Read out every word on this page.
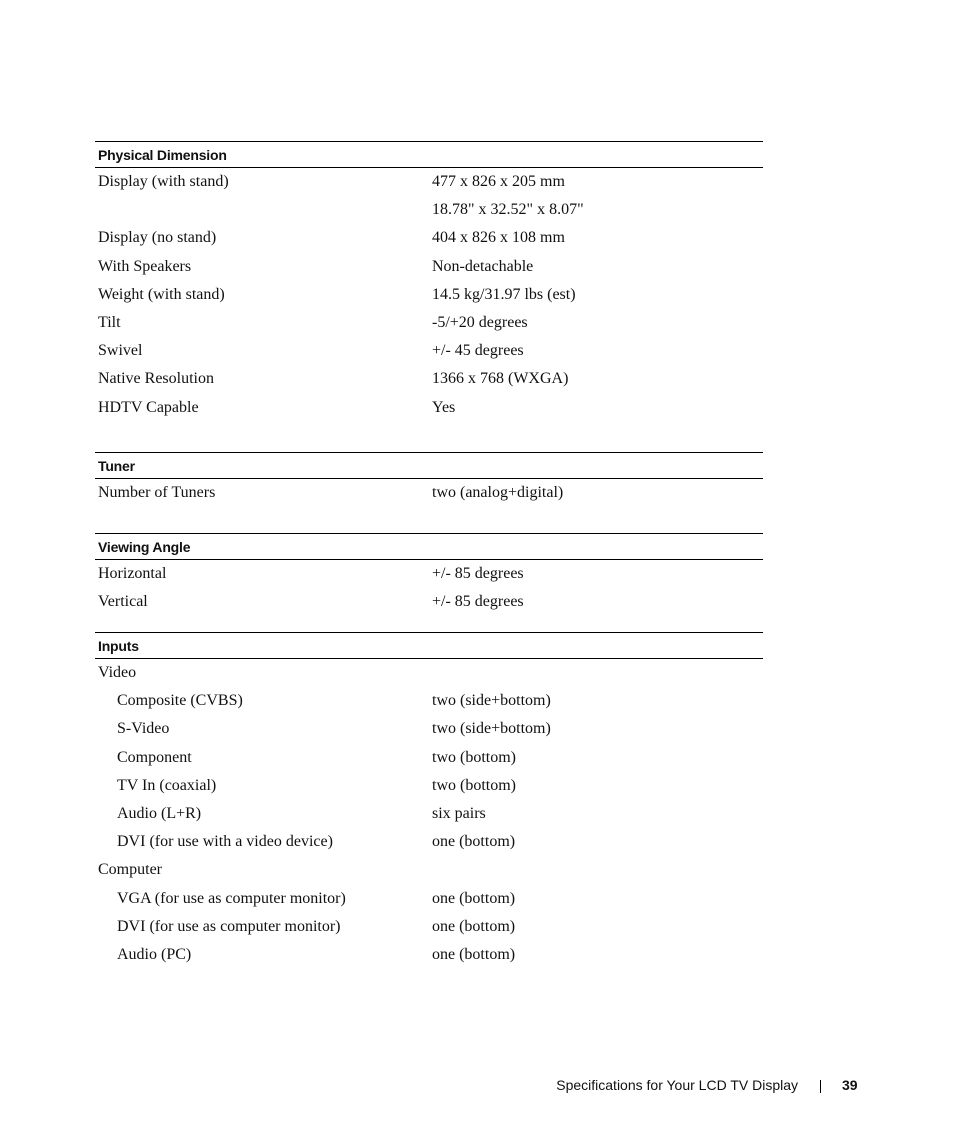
Physical Dimension
Display (with stand)	477 x 826 x 205 mm
18.78" x 32.52" x 8.07"
Display (no stand)	404 x 826 x 108 mm
With Speakers	Non-detachable
Weight (with stand)	14.5 kg/31.97 lbs (est)
Tilt	-5/+20 degrees
Swivel	+/- 45 degrees
Native Resolution	1366 x 768 (WXGA)
HDTV Capable	Yes
Tuner
Number of Tuners	two (analog+digital)
Viewing Angle
Horizontal	+/- 85 degrees
Vertical	+/- 85 degrees
Inputs
Video
Composite (CVBS)	two (side+bottom)
S-Video	two (side+bottom)
Component	two (bottom)
TV In (coaxial)	two (bottom)
Audio (L+R)	six pairs
DVI (for use with a video device)	one (bottom)
Computer
VGA (for use as computer monitor)	one (bottom)
DVI (for use as computer monitor)	one (bottom)
Audio (PC)	one (bottom)
Specifications for Your LCD TV Display	39
